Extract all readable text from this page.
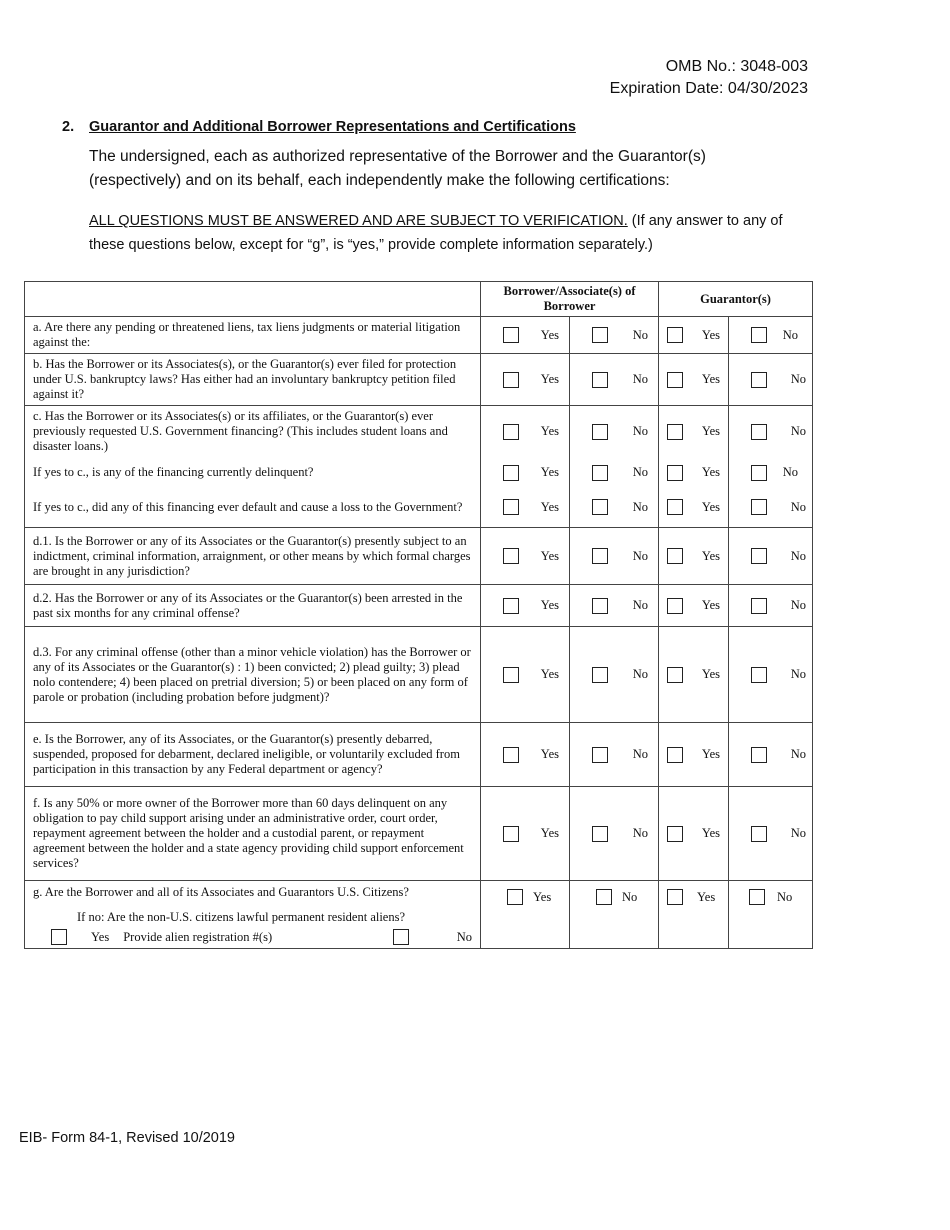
OMB No.: 3048-003
Expiration Date: 04/30/2023
2. Guarantor and Additional Borrower Representations and Certifications
The undersigned, each as authorized representative of the Borrower and the Guarantor(s) (respectively) and on its behalf, each independently make the following certifications:
ALL QUESTIONS MUST BE ANSWERED AND ARE SUBJECT TO VERIFICATION. (If any answer to any of these questions below, except for “g”, is “yes,” provide complete information separately.)
	Borrower/Associate(s) of Borrower		Guarantor(s)	
a. Are there any pending or threatened liens, tax liens judgments or material litigation against the:	Yes	No	Yes	No

b. Has the Borrower or its Associates(s), or the Guarantor(s) ever filed for protection under U.S. bankruptcy laws? Has either had an involuntary bankruptcy petition filed against it?	Yes	No	Yes	No

c. Has the Borrower or its Associates(s) or its affiliates, or the Guarantor(s) ever previously requested U.S. Government financing? (This includes student loans and disaster loans.)	Yes	No	Yes	No

If yes to c., is any of the financing currently delinquent?	Yes	No	Yes	No

If yes to c., did any of this financing ever default and cause a loss to the Government?	Yes	No	Yes	No

d.1. Is the Borrower or any of its Associates or the Guarantor(s) presently subject to an indictment, criminal information, arraignment, or other means by which formal charges are brought in any jurisdiction?	Yes	No	Yes	No

d.2. Has the Borrower or any of its Associates or the Guarantor(s) been arrested in the past six months for any criminal offense?	Yes	No	Yes	No

d.3. For any criminal offense (other than a minor vehicle violation) has the Borrower or any of its Associates or the Guarantor(s) : 1) been convicted; 2) plead guilty; 3) plead nolo contendere; 4) been placed on pretrial diversion; 5) or been placed on any form of parole or probation (including probation before judgment)?	Yes	No	Yes	No

e. Is the Borrower, any of its Associates, or the Guarantor(s) presently debarred, suspended, proposed for debarment, declared ineligible, or voluntarily excluded from participation in this transaction by any Federal department or agency?	Yes	No	Yes	No

f. Is any 50% or more owner of the Borrower more than 60 days delinquent on any obligation to pay child support arising under an administrative order, court order, repayment agreement between the holder and a custodial parent, or repayment agreement between the holder and a state agency providing child support enforcement services?	Yes	No	Yes	No

g. Are the Borrower and all of its Associates and Guarantors U.S. Citizens?
If no: Are the non-U.S. citizens lawful permanent resident aliens?
Yes Provide alien registration #(s) No	Yes	No	Yes	No
EIB- Form 84-1, Revised 10/2019
